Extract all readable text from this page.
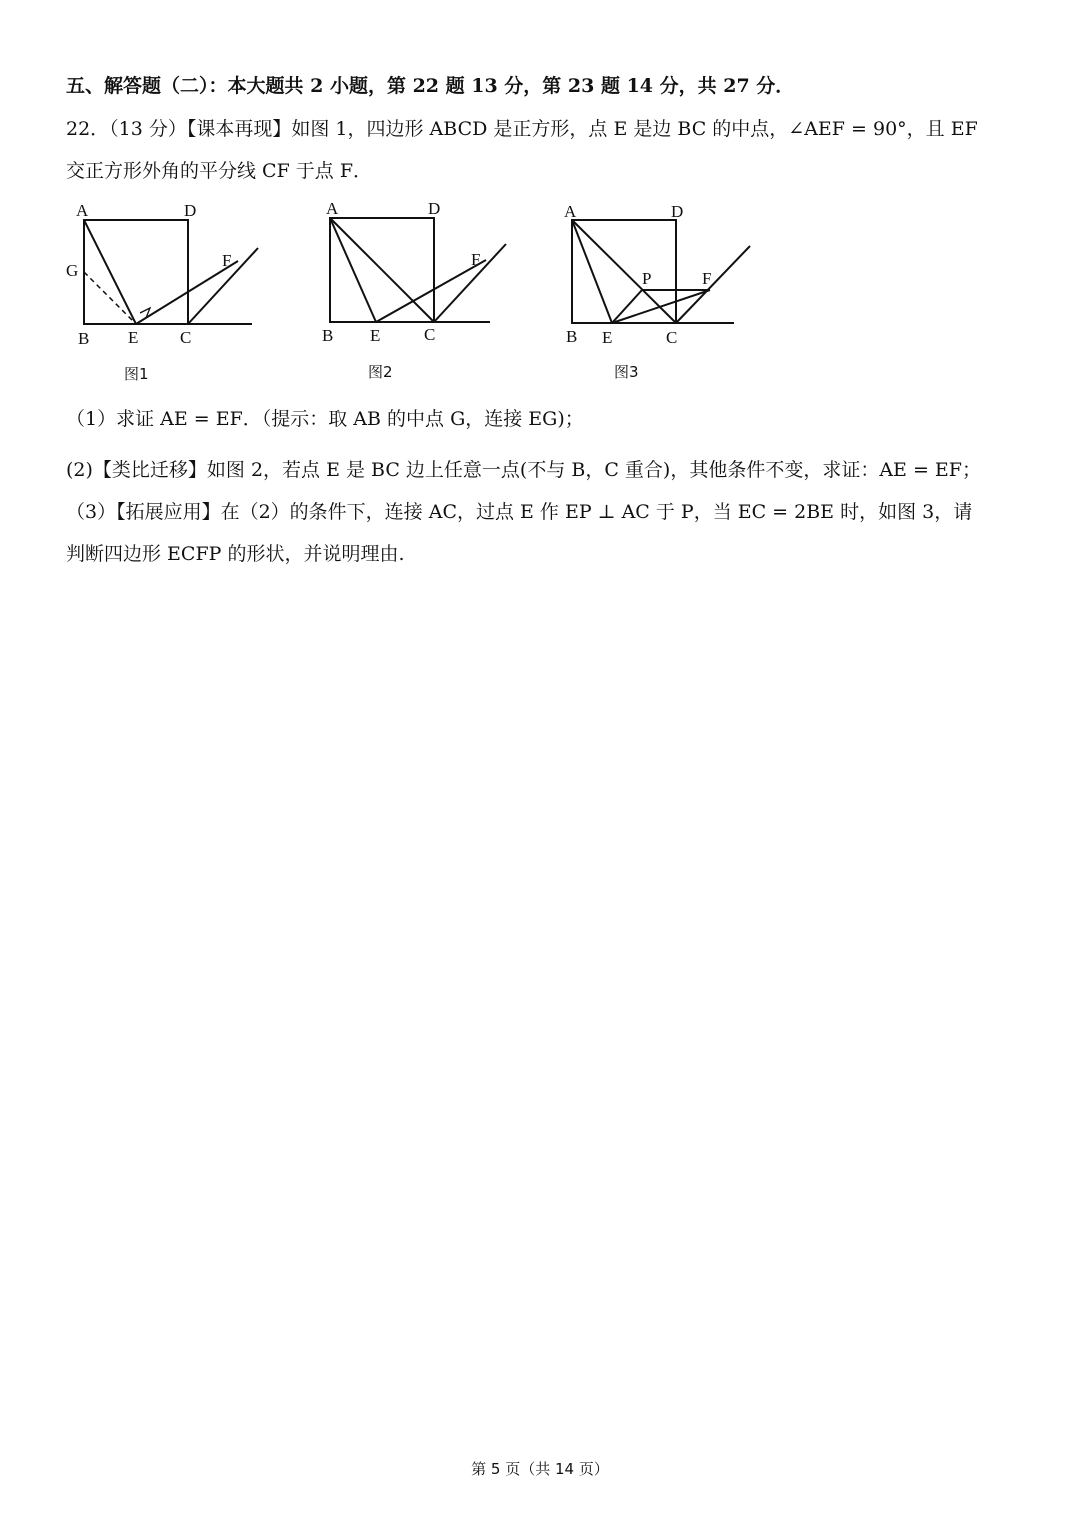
五、解答题（二）：本大题共 2 小题，第 22 题 13 分，第 23 题 14 分，共 27 分．
22．（13 分）【课本再现】如图 1，四边形 ABCD 是正方形，点 E 是边 BC 的中点，∠AEF = 90°，且 EF
交正方形外角的平分线 CF 于点 F．
A	D
G
B E C
F
图1
A	D
B E	C
F
图2
A	D
P	F
B E	C
图3
（1）求证 AE = EF．（提示：取 AB 的中点 G，连接 EG)；
(2)【类比迁移】如图 2，若点 E 是 BC 边上任意一点(不与 B，C 重合)，其他条件不变，求证：AE = EF；
（3）【拓展应用】在（2）的条件下，连接 AC，过点 E 作 EP ⊥ AC 于 P，当 EC = 2BE 时，如图 3，请
判断四边形 ECFP 的形状，并说明理由.
第 5 页（共 14 页）
